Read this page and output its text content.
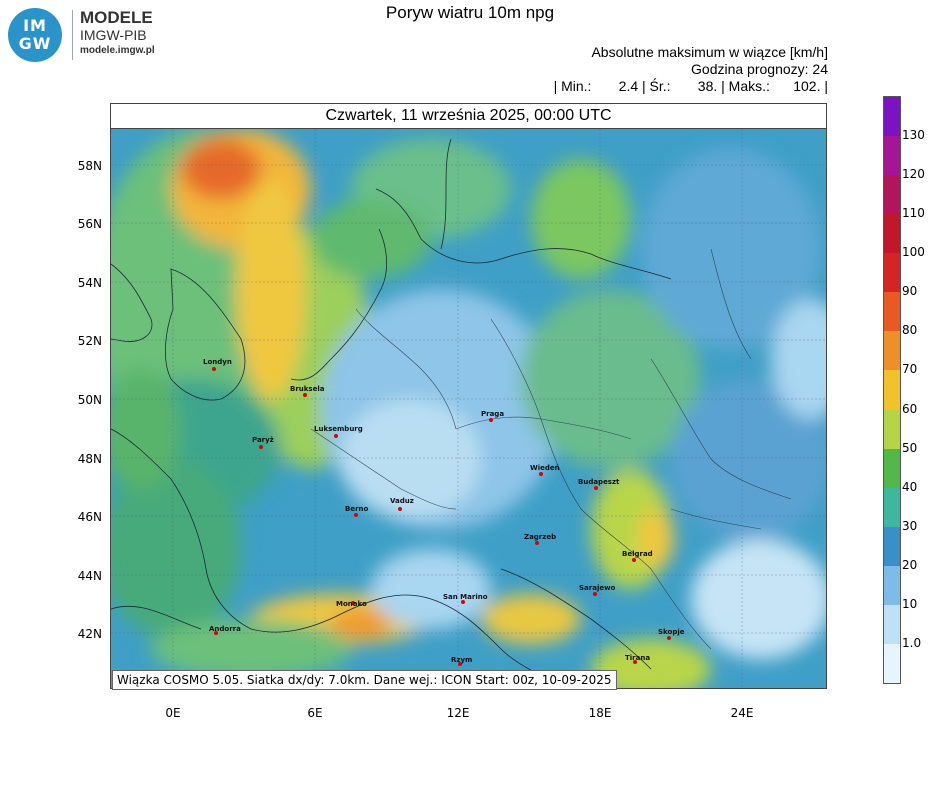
IM
GW
MODELE
IMGW-PIB
modele.imgw.pl
Poryw wiatru 10m npg
Absolutne maksimum w wiązce [km/h]
Godzina prognozy: 24
| Min.:       2.4 | Śr.:       38. | Maks.:      102. |
Czwartek, 11 września 2025, 00:00 UTC
Londyn
Bruksela
Paryż
Luksemburg
Praga
Wiedeń
Budapeszt
Berno
Vaduz
Zagrzeb
Belgrad
Sarajewo
Monako
San Marino
Andorra	Skopje
Tirana
Rzym
Wiązka COSMO 5.05. Siatka dx/dy: 7.0km. Dane wej.: ICON Start: 00z, 10-09-2025
58N
56N
54N
52N
50N
48N
46N
44N
42N
0E	6E	12E	18E	24E
130
120
110
100
90
80
70
60
50
40
30
20
10
1.0
